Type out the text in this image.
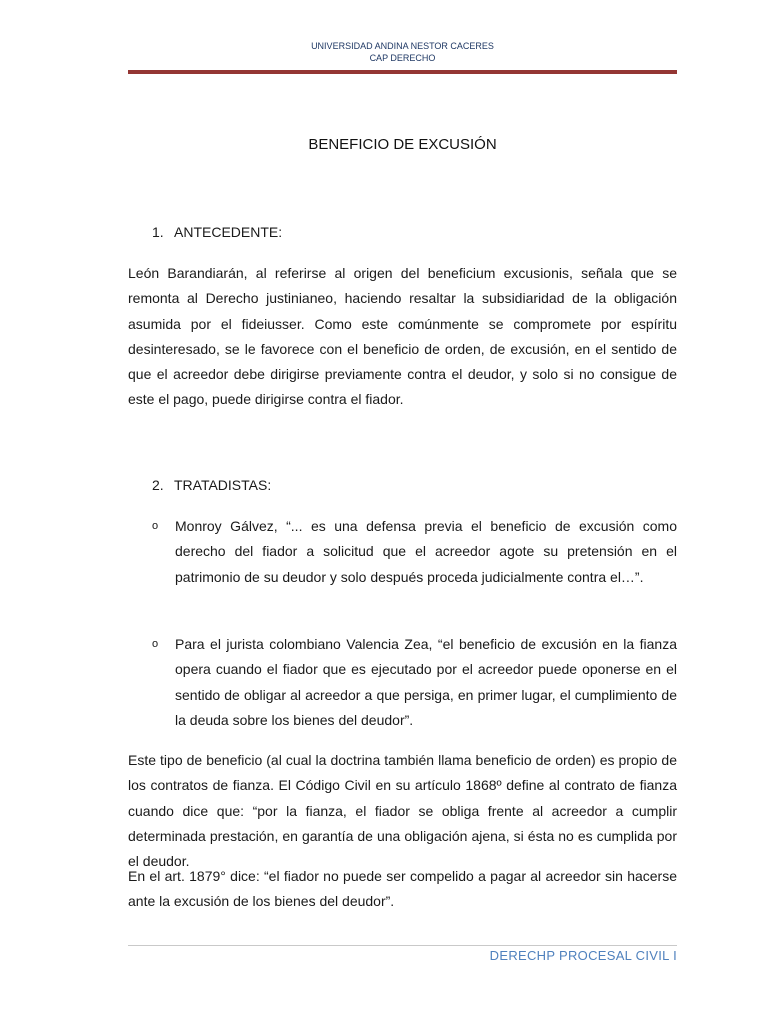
UNIVERSIDAD ANDINA NESTOR CACERES
CAP DERECHO
BENEFICIO DE EXCUSIÓN
1. ANTECEDENTE:
León Barandiarán, al referirse al origen del beneficium excusionis, señala que se remonta al Derecho justinianeo, haciendo resaltar la subsidiaridad de la obligación asumida por el fideiusser. Como este comúnmente se compromete por espíritu desinteresado, se le favorece con el beneficio de orden, de excusión, en el sentido de que el acreedor debe dirigirse previamente contra el deudor, y solo si no consigue de este el pago, puede dirigirse contra el fiador.
2. TRATADISTAS:
o Monroy Gálvez, “... es una defensa previa el beneficio de excusión como derecho del fiador a solicitud que el acreedor agote su pretensión en el patrimonio de su deudor y solo después proceda judicialmente contra el…”.
o Para el jurista colombiano Valencia Zea, “el beneficio de excusión en la fianza opera cuando el fiador que es ejecutado por el acreedor puede oponerse en el sentido de obligar al acreedor a que persiga, en primer lugar, el cumplimiento de la deuda sobre los bienes del deudor”.
Este tipo de beneficio (al cual la doctrina también llama beneficio de orden) es propio de los contratos de fianza. El Código Civil en su artículo 1868º define al contrato de fianza cuando dice que: “por la fianza, el fiador se obliga frente al acreedor a cumplir determinada prestación, en garantía de una obligación ajena, si ésta no es cumplida por el deudor.
En el art. 1879° dice: “el fiador no puede ser compelido a pagar al acreedor sin hacerse ante la excusión de los bienes del deudor”.
DERECHP PROCESAL CIVIL I
